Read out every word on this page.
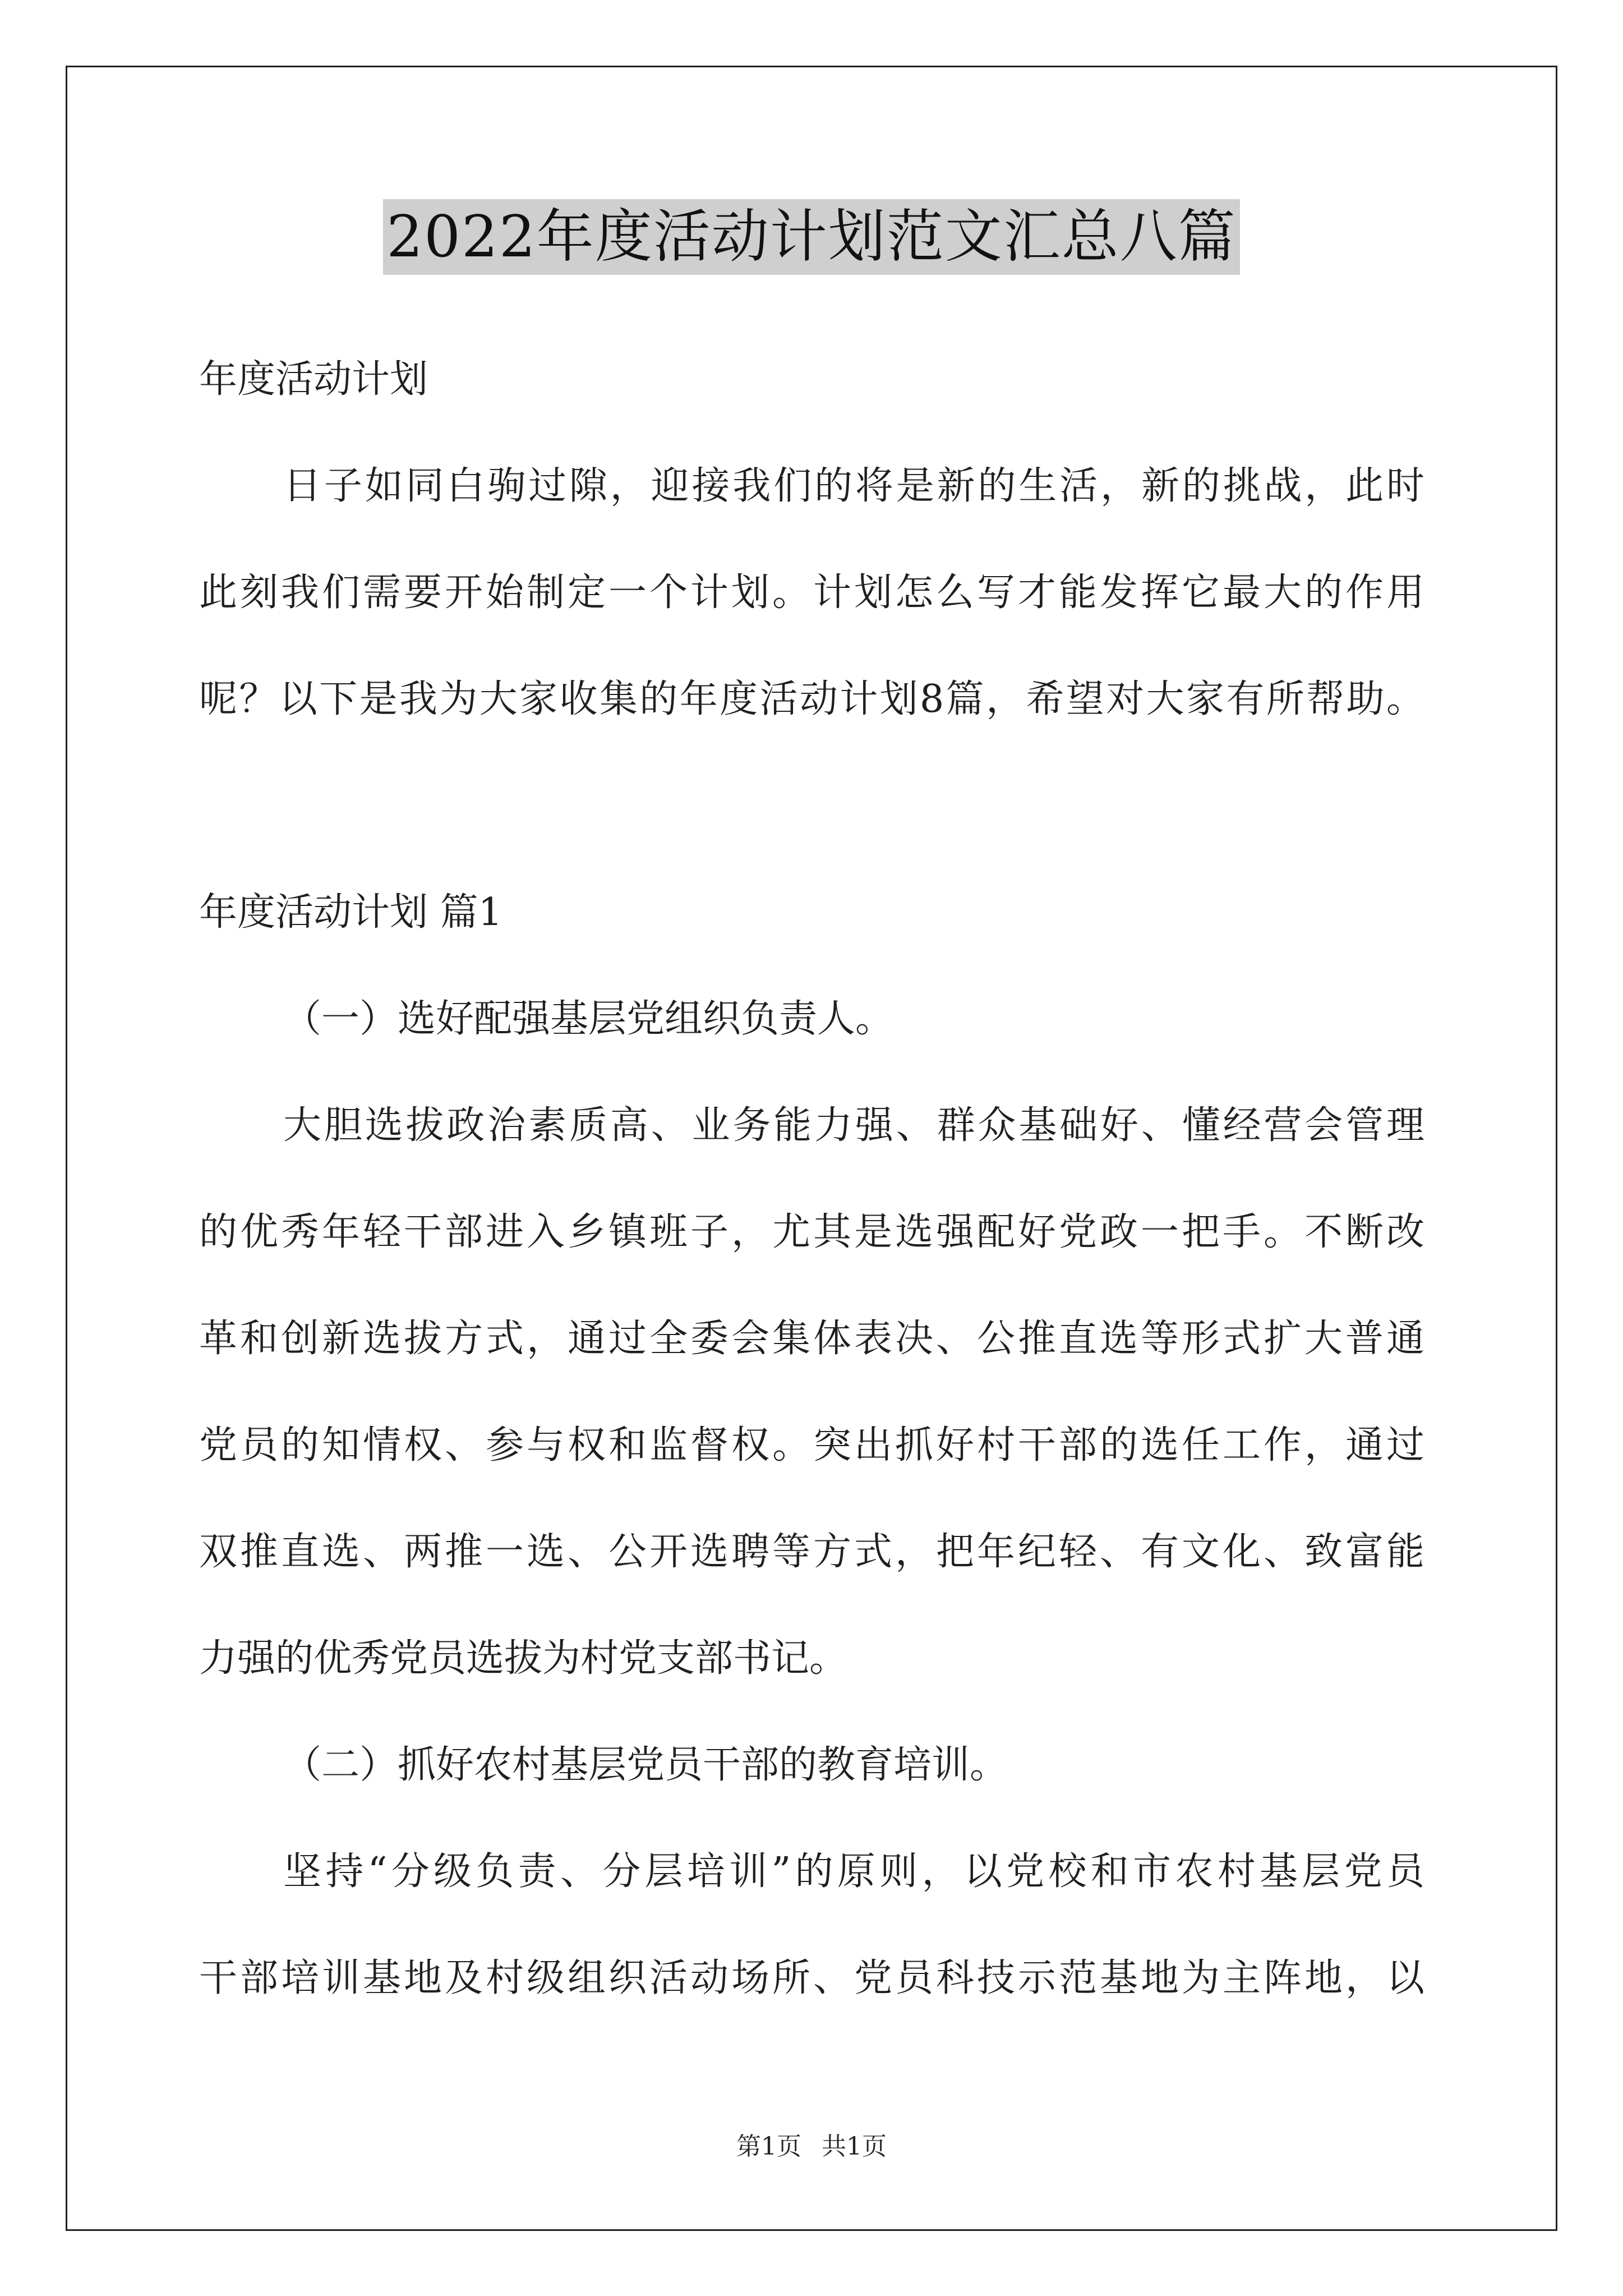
2022年度活动计划范文汇总八篇
年度活动计划
日子如同白驹过隙，迎接我们的将是新的生活，新的挑战，此时
此刻我们需要开始制定一个计划。计划怎么写才能发挥它最大的作用
呢？以下是我为大家收集的年度活动计划8篇，希望对大家有所帮助。
年度活动计划 篇1
（一）选好配强基层党组织负责人。
大胆选拔政治素质高、业务能力强、群众基础好、懂经营会管理
的优秀年轻干部进入乡镇班子，尤其是选强配好党政一把手。不断改
革和创新选拔方式，通过全委会集体表决、公推直选等形式扩大普通
党员的知情权、参与权和监督权。突出抓好村干部的选任工作，通过
双推直选、两推一选、公开选聘等方式，把年纪轻、有文化、致富能
力强的优秀党员选拔为村党支部书记。
（二）抓好农村基层党员干部的教育培训。
坚持“分级负责、分层培训”的原则，以党校和市农村基层党员
干部培训基地及村级组织活动场所、党员科技示范基地为主阵地，以
第1页 共1页
